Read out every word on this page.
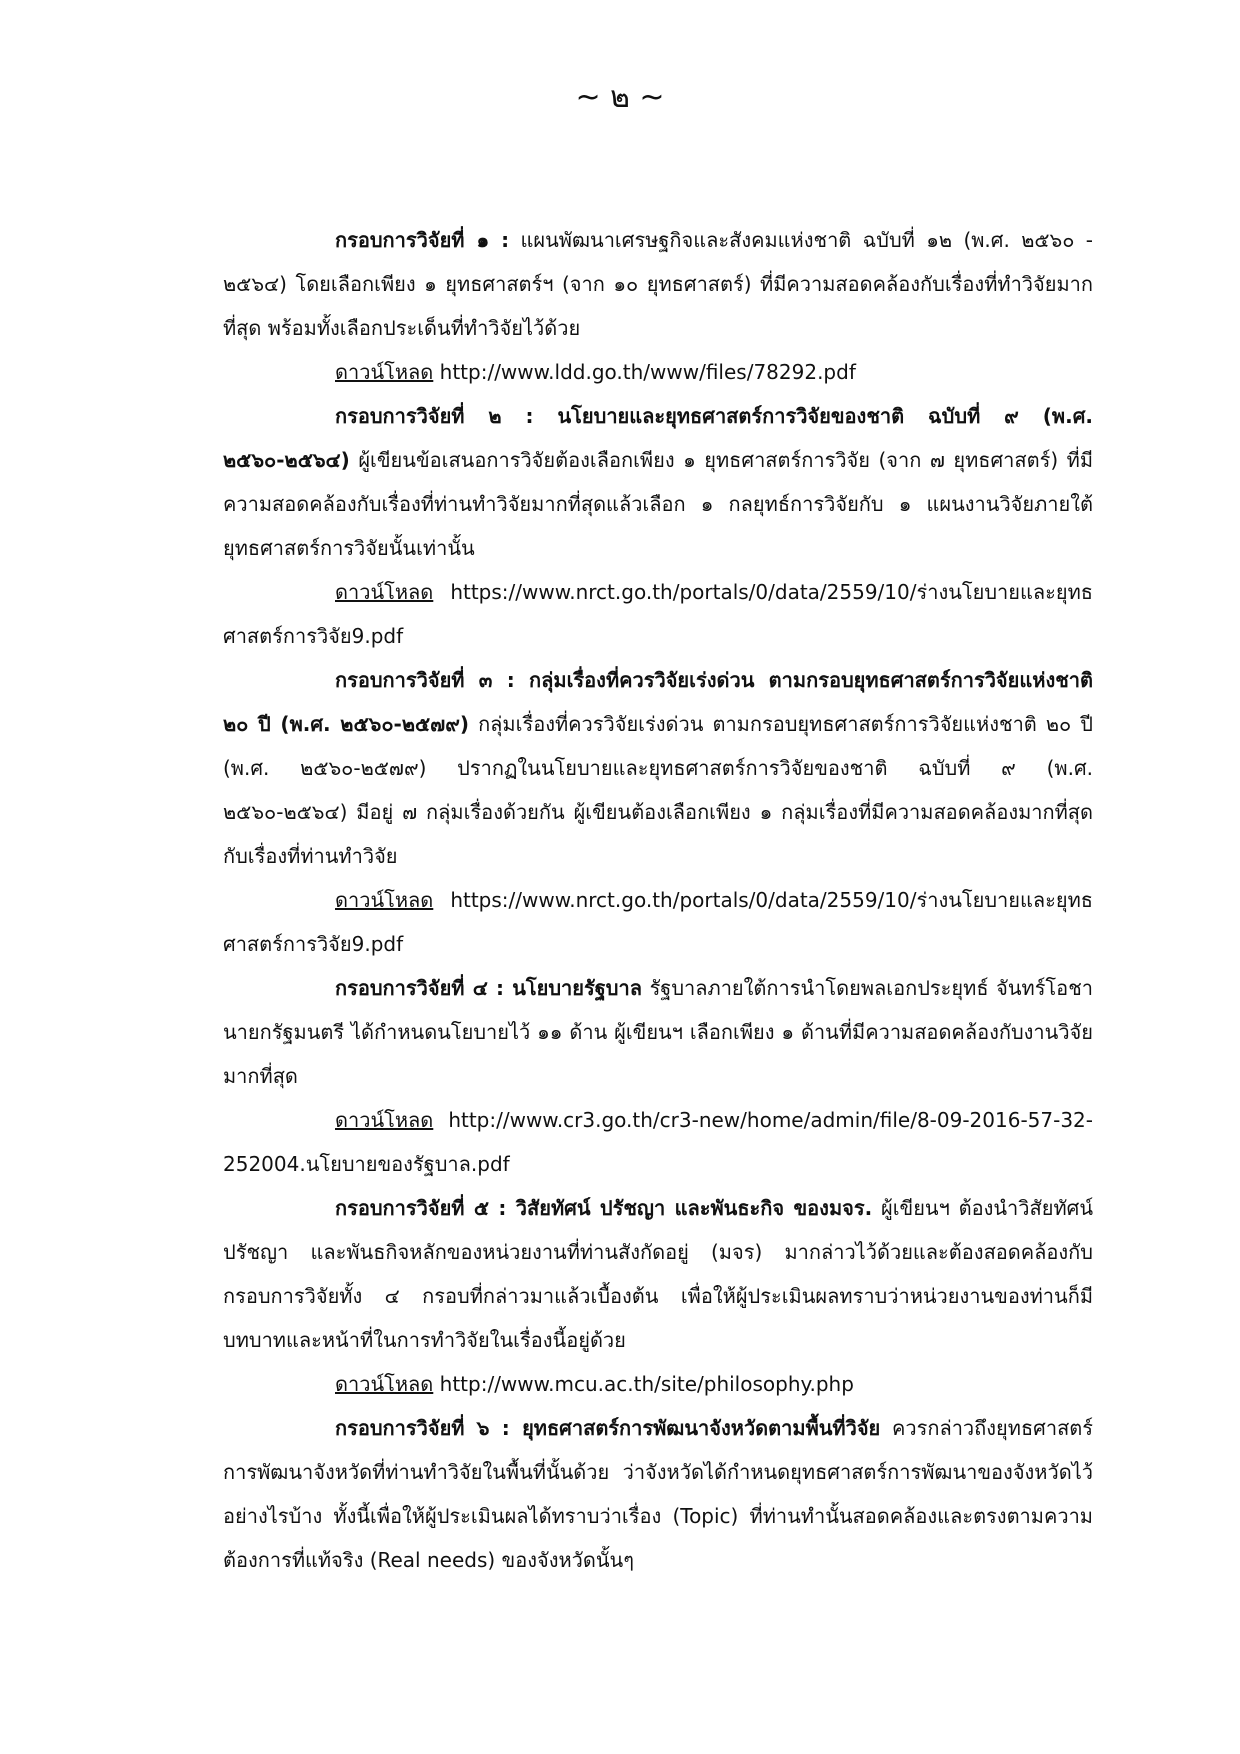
~ ๒ ~

กรอบการวิจัยที่ ๑ : แผนพัฒนาเศรษฐกิจและสังคมแห่งชาติ ฉบับที่ ๑๒ (พ.ศ. ๒๕๖๐ - ๒๕๖๔) โดยเลือกเพียง ๑ ยุทธศาสตร์ฯ (จาก ๑๐ ยุทธศาสตร์) ที่มีความสอดคล้องกับเรื่องที่ทำวิจัยมากที่สุด พร้อมทั้งเลือกประเด็นที่ทำวิจัยไว้ด้วย

ดาวน์โหลด http://www.ldd.go.th/www/files/78292.pdf

กรอบการวิจัยที่ ๒ : นโยบายและยุทธศาสตร์การวิจัยของชาติ ฉบับที่ ๙ (พ.ศ. ๒๕๖๐-๒๕๖๔) ผู้เขียนข้อเสนอการวิจัยต้องเลือกเพียง ๑ ยุทธศาสตร์การวิจัย (จาก ๗ ยุทธศาสตร์) ที่มีความสอดคล้องกับเรื่องที่ท่านทำวิจัยมากที่สุดแล้วเลือก ๑ กลยุทธ์การวิจัยกับ ๑ แผนงานวิจัยภายใต้ยุทธศาสตร์การวิจัยนั้นเท่านั้น

ดาวน์โหลด https://www.nrct.go.th/portals/0/data/2559/10/ร่างนโยบายและยุทธศาสตร์การวิจัย9.pdf

กรอบการวิจัยที่ ๓ : กลุ่มเรื่องที่ควรวิจัยเร่งด่วน ตามกรอบยุทธศาสตร์การวิจัยแห่งชาติ ๒๐ ปี (พ.ศ. ๒๕๖๐-๒๕๗๙) กลุ่มเรื่องที่ควรวิจัยเร่งด่วน ตามกรอบยุทธศาสตร์การวิจัยแห่งชาติ ๒๐ ปี (พ.ศ. ๒๕๖๐-๒๕๗๙) ปรากฏในนโยบายและยุทธศาสตร์การวิจัยของชาติ ฉบับที่ ๙ (พ.ศ. ๒๕๖๐-๒๕๖๔) มีอยู่ ๗ กลุ่มเรื่องด้วยกัน ผู้เขียนต้องเลือกเพียง ๑ กลุ่มเรื่องที่มีความสอดคล้องมากที่สุดกับเรื่องที่ท่านทำวิจัย

ดาวน์โหลด https://www.nrct.go.th/portals/0/data/2559/10/ร่างนโยบายและยุทธศาสตร์การวิจัย9.pdf

กรอบการวิจัยที่ ๔ : นโยบายรัฐบาล รัฐบาลภายใต้การนำโดยพลเอกประยุทธ์ จันทร์โอชา นายกรัฐมนตรี ได้กำหนดนโยบายไว้ ๑๑ ด้าน ผู้เขียนฯ เลือกเพียง ๑ ด้านที่มีความสอดคล้องกับงานวิจัยมากที่สุด

ดาวน์โหลด http://www.cr3.go.th/cr3-new/home/admin/file/8-09-2016-57-32-252004.นโยบายของรัฐบาล.pdf

กรอบการวิจัยที่ ๕ : วิสัยทัศน์ ปรัชญา และพันธะกิจ ของมจร. ผู้เขียนฯ ต้องนำวิสัยทัศน์ ปรัชญา และพันธกิจหลักของหน่วยงานที่ท่านสังกัดอยู่ (มจร) มากล่าวไว้ด้วยและต้องสอดคล้องกับกรอบการวิจัยทั้ง ๔ กรอบที่กล่าวมาแล้วเบื้องต้น เพื่อให้ผู้ประเมินผลทราบว่าหน่วยงานของท่านก็มีบทบาทและหน้าที่ในการทำวิจัยในเรื่องนี้อยู่ด้วย

ดาวน์โหลด http://www.mcu.ac.th/site/philosophy.php

กรอบการวิจัยที่ ๖ : ยุทธศาสตร์การพัฒนาจังหวัดตามพื้นที่วิจัย ควรกล่าวถึงยุทธศาสตร์การพัฒนาจังหวัดที่ท่านทำวิจัยในพื้นที่นั้นด้วย ว่าจังหวัดได้กำหนดยุทธศาสตร์การพัฒนาของจังหวัดไว้อย่างไรบ้าง ทั้งนี้เพื่อให้ผู้ประเมินผลได้ทราบว่าเรื่อง (Topic) ที่ท่านทำนั้นสอดคล้องและตรงตามความต้องการที่แท้จริง (Real needs) ของจังหวัดนั้นๆ
